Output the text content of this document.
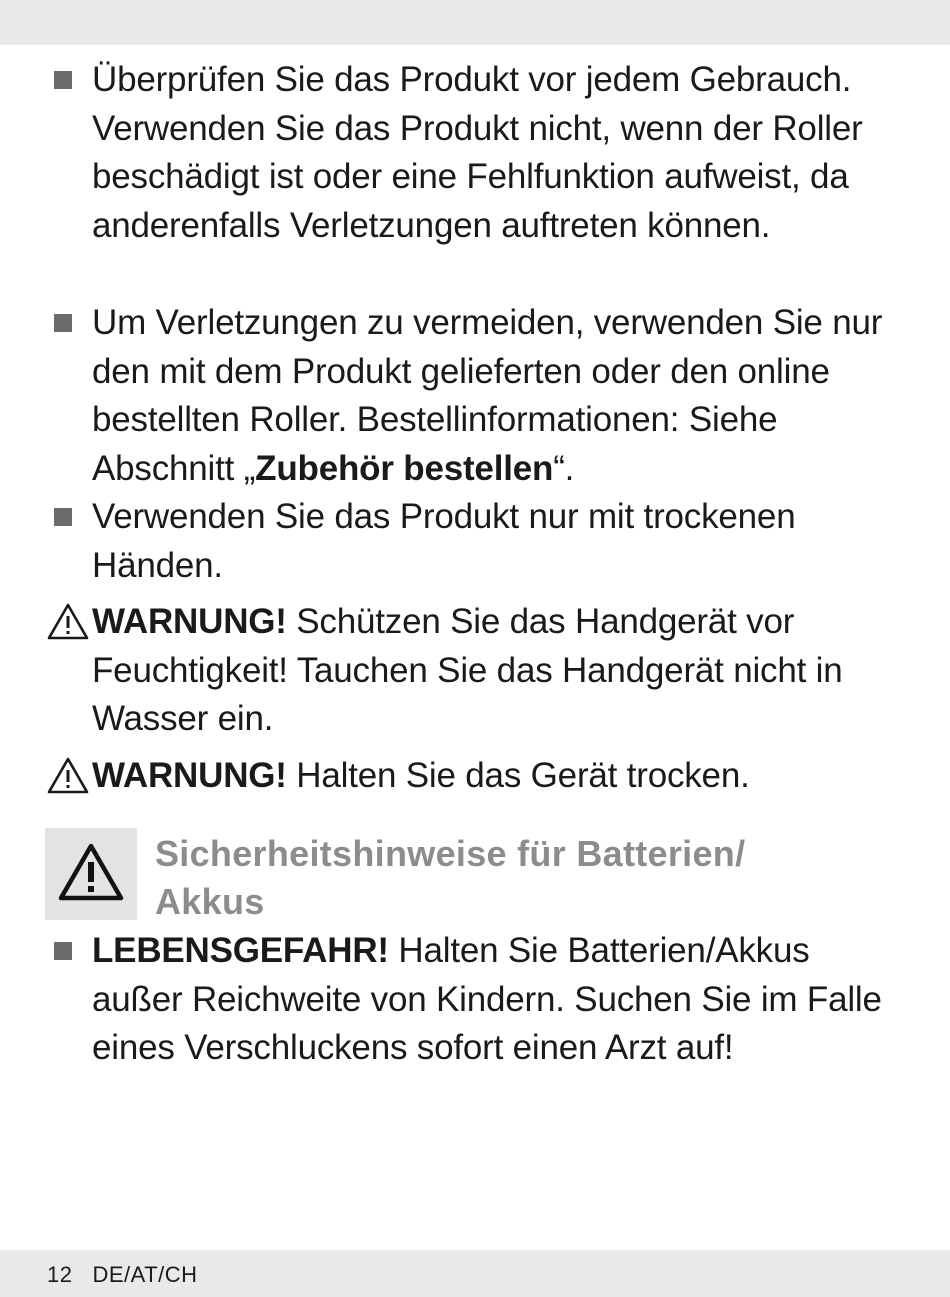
Überprüfen Sie das Produkt vor jedem Gebrauch. Verwenden Sie das Produkt nicht, wenn der Roller beschädigt ist oder eine Fehlfunktion aufweist, da anderenfalls Verletzungen auftreten können.
Um Verletzungen zu vermeiden, verwenden Sie nur den mit dem Produkt gelieferten oder den online bestellten Roller. Bestellinformationen: Siehe Abschnitt „Zubehör bestellen“.
Verwenden Sie das Produkt nur mit trockenen Händen.
WARNUNG! Schützen Sie das Handgerät vor Feuchtigkeit! Tauchen Sie das Handgerät nicht in Wasser ein.
WARNUNG! Halten Sie das Gerät trocken.
Sicherheitshinweise für Batterien/
Akkus
LEBENSGEFAHR! Halten Sie Batterien/Akkus außer Reichweite von Kindern. Suchen Sie im Falle eines Verschluckens sofort einen Arzt auf!
12 DE/AT/CH
